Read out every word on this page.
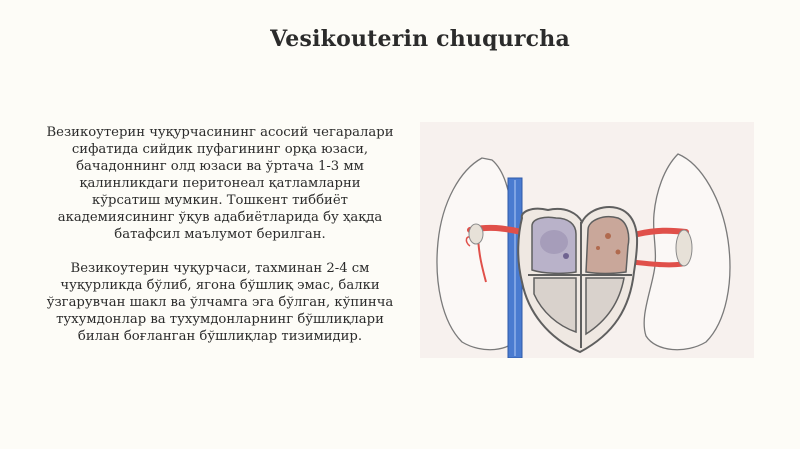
Vesikouterin chuqurcha

Везикоутерин чуқурчасининг асосий чегаралари сифатида сийдик пуфагининг орқа юзаси, бачадоннинг олд юзаси ва ўртача 1-3 мм қалинликдаги перитонеал қатламларни кўрсатиш мумкин. Тошкент тиббиёт академиясининг ўқув адабиётларида бу ҳақда батафсил маълумот берилган.

Везикоутерин чуқурчаси, тахминан 2-4 см чуқурликда бўлиб, ягона бўшлиқ эмас, балки ўзгарувчан шакл ва ўлчамга эга бўлган, кўпинча тухумдонлар ва тухумдонларнинг бўшлиқлари билан боғланган бўшлиқлар тизимидир.
